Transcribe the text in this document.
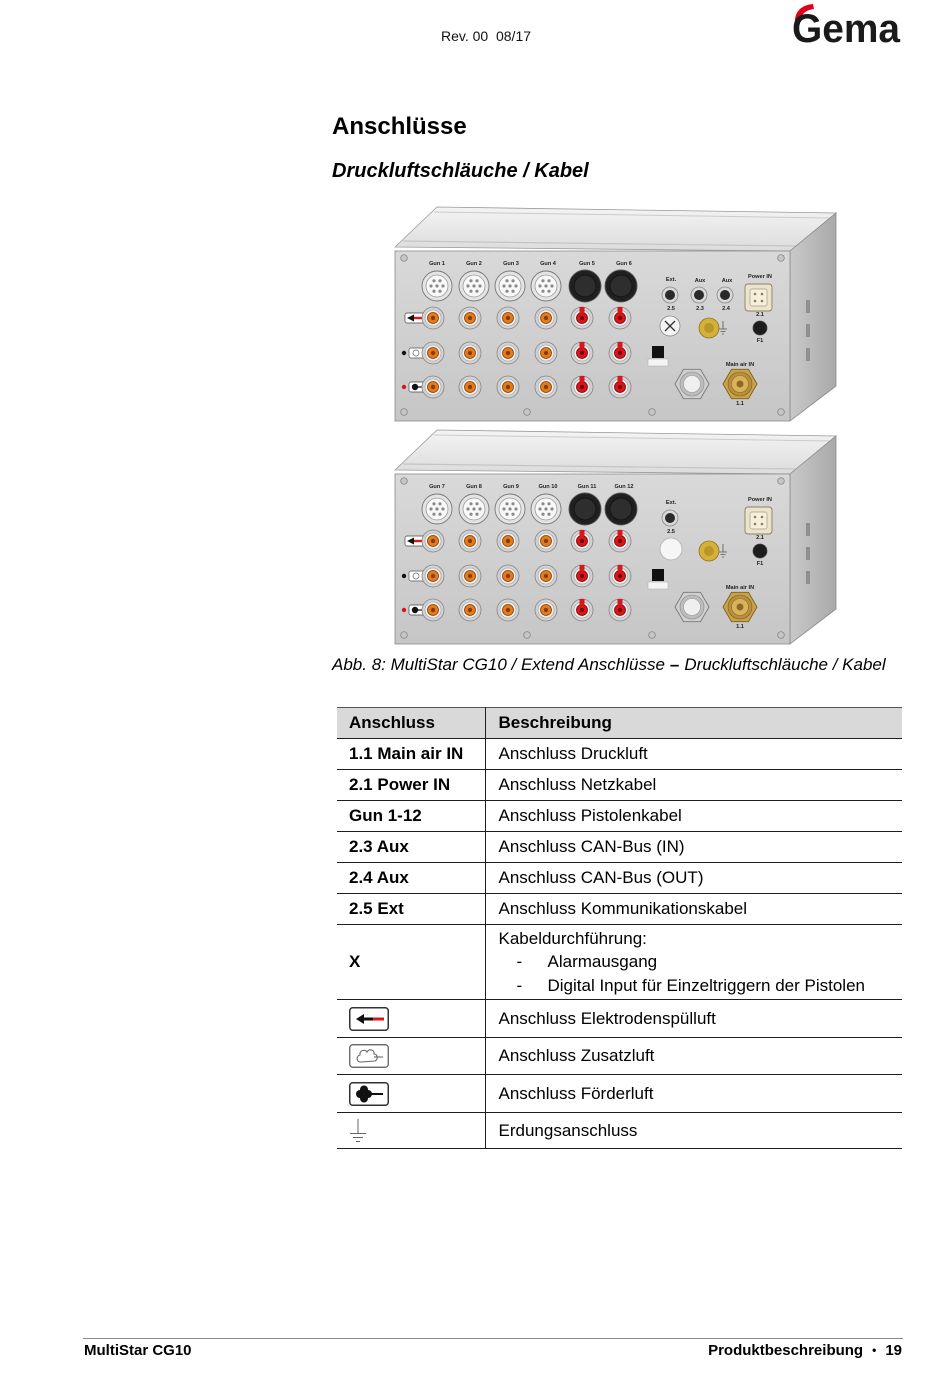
Rev. 00  08/17	Gema
Anschlüsse
Druckluftschläuche / Kabel
Gun 1	Gun 2	Gun 3	Gun 4	Gun 5	Gun 6
Ext.
2.5	2.3	2.4
Aux	Aux
Power IN
2.1
F1
Main air IN
1.1
Gun 7	Gun 8	Gun 9	Gun 10	Gun 11	Gun 12
Ext.
2.5
Power IN
2.1
F1
Main air IN
1.1
Abb. 8: MultiStar CG10 / Extend Anschlüsse – Druckluftschläuche / Kabel
Anschluss	Beschreibung
1.1 Main air IN	Anschluss Druckluft
2.1 Power IN	Anschluss Netzkabel
Gun 1-12	Anschluss Pistolenkabel
2.3 Aux	Anschluss CAN-Bus (IN)
2.4 Aux	Anschluss CAN-Bus (OUT)
2.5 Ext	Anschluss Kommunikationskabel
X	Kabeldurchführung:
- Alarmausgang
- Digital Input für Einzeltriggern der Pistolen

	Anschluss Elektrodenspülluft

	Anschluss Zusatzluft

	Anschluss Förderluft

	Erdungsanschluss
MultiStar CG10	Produktbeschreibung • 19
